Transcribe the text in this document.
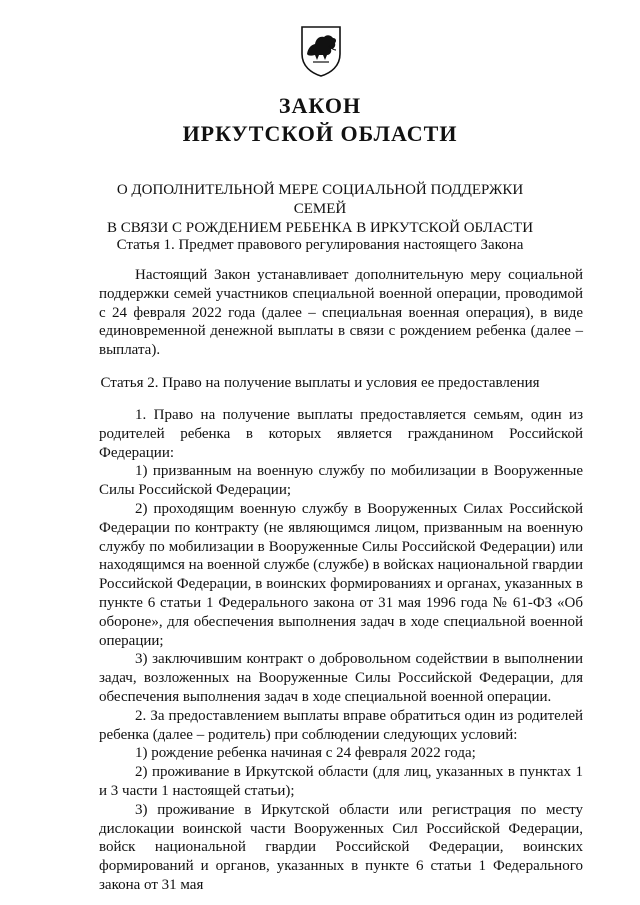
ЗАКОН
ИРКУТСКОЙ ОБЛАСТИ
О ДОПОЛНИТЕЛЬНОЙ МЕРЕ СОЦИАЛЬНОЙ ПОДДЕРЖКИ СЕМЕЙ
В СВЯЗИ С РОЖДЕНИЕМ РЕБЕНКА В ИРКУТСКОЙ ОБЛАСТИ
Статья 1. Предмет правового регулирования настоящего Закона

Настоящий Закон устанавливает дополнительную меру социальной поддержки семей участников специальной военной операции, проводимой с 24 февраля 2022 года (далее – специальная военная операция), в виде единовременной денежной выплаты в связи с рождением ребенка (далее – выплата).

Статья 2. Право на получение выплаты и условия ее предоставления

1. Право на получение выплаты предоставляется семьям, один из родителей ребенка в которых является гражданином Российской Федерации:

1) призванным на военную службу по мобилизации в Вооруженные Силы Российской Федерации;

2) проходящим военную службу в Вооруженных Силах Российской Федерации по контракту (не являющимся лицом, призванным на военную службу по мобилизации в Вооруженные Силы Российской Федерации) или находящимся на военной службе (службе) в войсках национальной гвардии Российской Федерации, в воинских формированиях и органах, указанных в пункте 6 статьи 1 Федерального закона от 31 мая 1996 года № 61-ФЗ «Об обороне», для обеспечения выполнения задач в ходе специальной военной операции;

3) заключившим контракт о добровольном содействии в выполнении задач, возложенных на Вооруженные Силы Российской Федерации, для обеспечения выполнения задач в ходе специальной военной операции.

2. За предоставлением выплаты вправе обратиться один из родителей ребенка (далее – родитель) при соблюдении следующих условий:

1) рождение ребенка начиная с 24 февраля 2022 года;

2) проживание в Иркутской области (для лиц, указанных в пунктах 1 и 3 части 1 настоящей статьи);

3) проживание в Иркутской области или регистрация по месту дислокации воинской части Вооруженных Сил Российской Федерации, войск национальной гвардии Российской Федерации, воинских формирований и органов, указанных в пункте 6 статьи 1 Федерального закона от 31 мая
